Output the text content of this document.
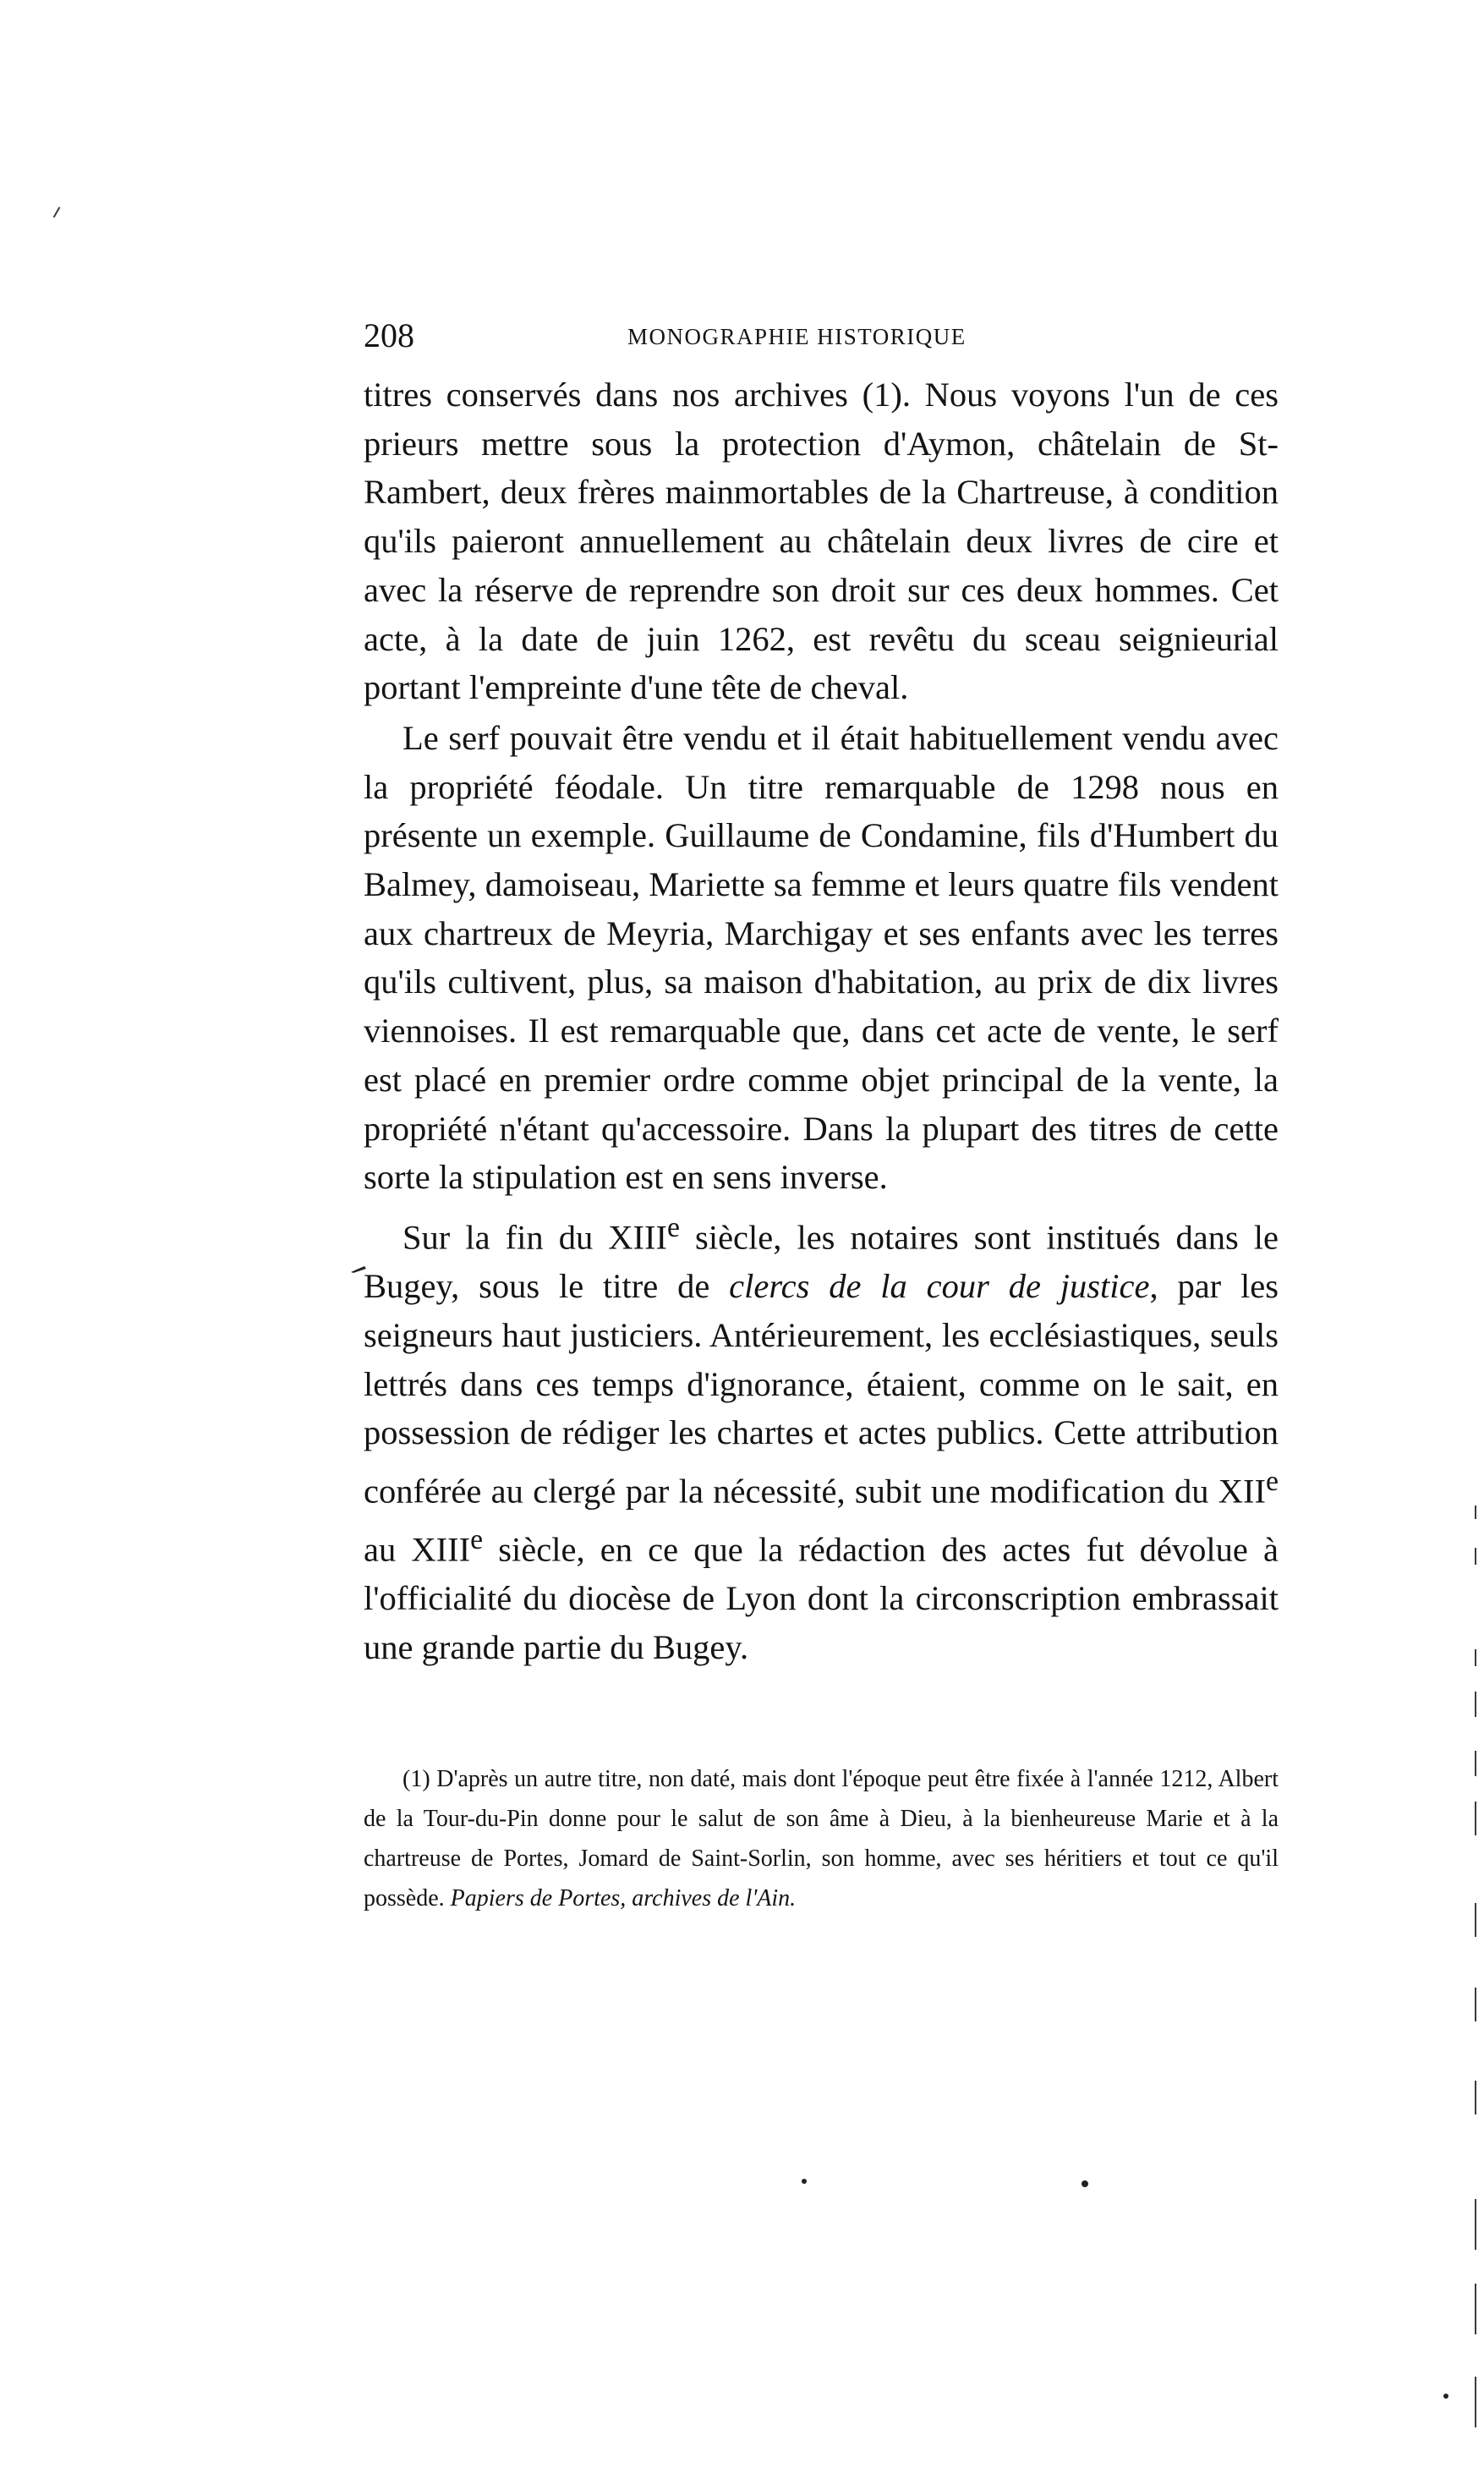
208	MONOGRAPHIE HISTORIQUE

titres conservés dans nos archives (1). Nous voyons l'un de ces prieurs mettre sous la protection d'Aymon, châtelain de St-Rambert, deux frères mainmortables de la Chartreuse, à condition qu'ils paieront annuellement au châtelain deux livres de cire et avec la réserve de reprendre son droit sur ces deux hommes. Cet acte, à la date de juin 1262, est revêtu du sceau seignieurial portant l'empreinte d'une tête de cheval.

Le serf pouvait être vendu et il était habituellement vendu avec la propriété féodale. Un titre remarquable de 1298 nous en présente un exemple. Guillaume de Condamine, fils d'Humbert du Balmey, damoiseau, Mariette sa femme et leurs quatre fils vendent aux chartreux de Meyria, Marchigay et ses enfants avec les terres qu'ils cultivent, plus, sa maison d'habitation, au prix de dix livres viennoises. Il est remarquable que, dans cet acte de vente, le serf est placé en premier ordre comme objet principal de la vente, la propriété n'étant qu'accessoire. Dans la plupart des titres de cette sorte la stipulation est en sens inverse.

Sur la fin du XIIIe siècle, les notaires sont institués dans le Bugey, sous le titre de clercs de la cour de justice, par les seigneurs haut justiciers. Antérieurement, les ecclésiastiques, seuls lettrés dans ces temps d'ignorance, étaient, comme on le sait, en possession de rédiger les chartes et actes publics. Cette attribution conférée au clergé par la nécessité, subit une modification du XIIe au XIIIe siècle, en ce que la rédaction des actes fut dévolue à l'officialité du diocèse de Lyon dont la circonscription embrassait une grande partie du Bugey.

(1) D'après un autre titre, non daté, mais dont l'époque peut être fixée à l'année 1212, Albert de la Tour-du-Pin donne pour le salut de son âme à Dieu, à la bienheureuse Marie et à la chartreuse de Portes, Jomard de Saint-Sorlin, son homme, avec ses héritiers et tout ce qu'il possède. Papiers de Portes, archives de l'Ain.
